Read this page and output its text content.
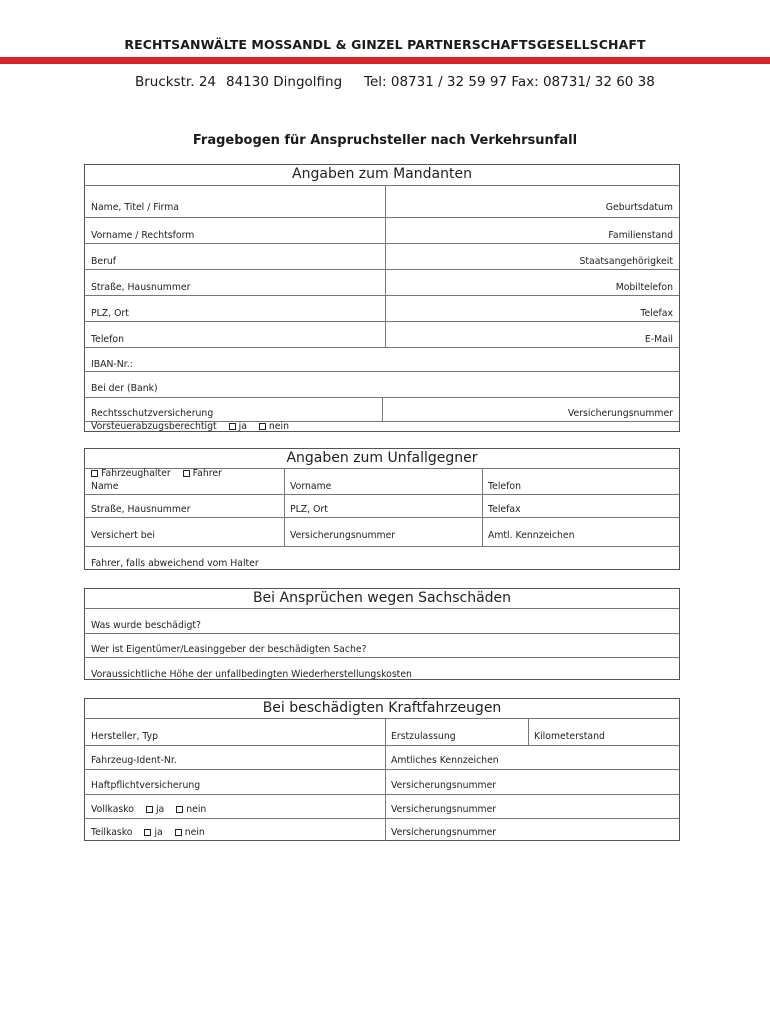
RECHTSANWÄLTE MOSSANDL & GINZEL PARTNERSCHAFTSGESELLSCHAFT
Bruckstr. 24 84130 Dingolfing Tel: 08731 / 32 59 97 Fax: 08731/ 32 60 38
Fragebogen für Anspruchsteller nach Verkehrsunfall
Angaben zum Mandanten
Name, Titel / Firma	Geburtsdatum
Vorname / Rechtsform	Familienstand
Beruf	Staatsangehörigkeit
Straße, Hausnummer	Mobiltelefon
PLZ, Ort	Telefax
Telefon	E-Mail
IBAN-Nr.:
Bei der (Bank)
Rechtsschutzversicherung	Versicherungsnummer
Vorsteuerabzugsberechtigt ja nein
Angaben zum Unfallgegner
Fahrzeughalter Fahrer
Name	Vorname	Telefon
Straße, Hausnummer	PLZ, Ort	Telefax
Versichert bei	Versicherungsnummer	Amtl. Kennzeichen
Fahrer, falls abweichend vom Halter
Bei Ansprüchen wegen Sachschäden
Was wurde beschädigt?
Wer ist Eigentümer/Leasinggeber der beschädigten Sache?
Voraussichtliche Höhe der unfallbedingten Wiederherstellungskosten
Bei beschädigten Kraftfahrzeugen
Hersteller, Typ	Erstzulassung	Kilometerstand
Fahrzeug-Ident-Nr.	Amtliches Kennzeichen
Haftpflichtversicherung	Versicherungsnummer
Vollkasko ja nein	Versicherungsnummer
Teilkasko ja nein	Versicherungsnummer
